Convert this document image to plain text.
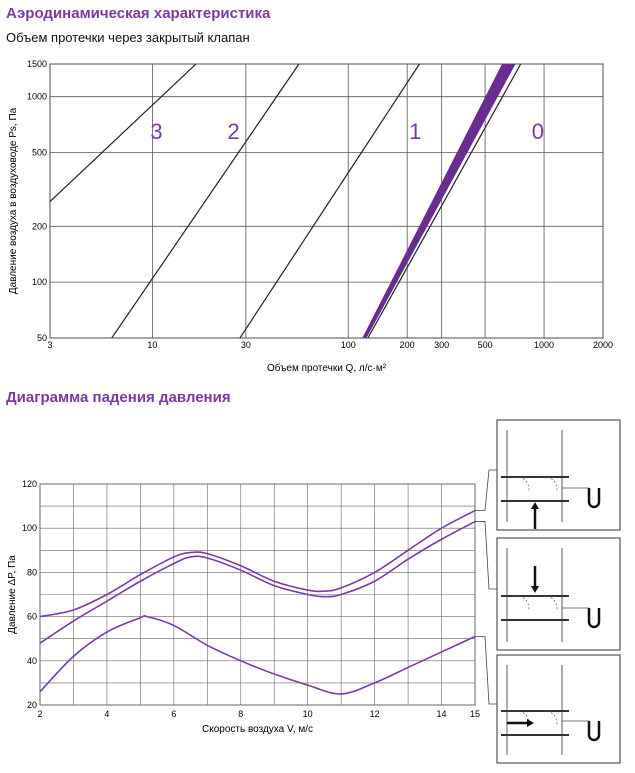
Аэродинамическая характеристика

Объем протечки через закрытый клапан

Диаграмма падения давления
3	10	30	100	200 300	500	1000	2000
50
100
200
500
1000
1500
3	2	1	0
Объем протечки Q, л/с·м²
Давление воздуха в воздуховоде Ps, Па
2	4	6	8	10	12	14	15
20
40
60
80
100
120
Скорость воздуха V, м/с
Давление ΔP, Па
